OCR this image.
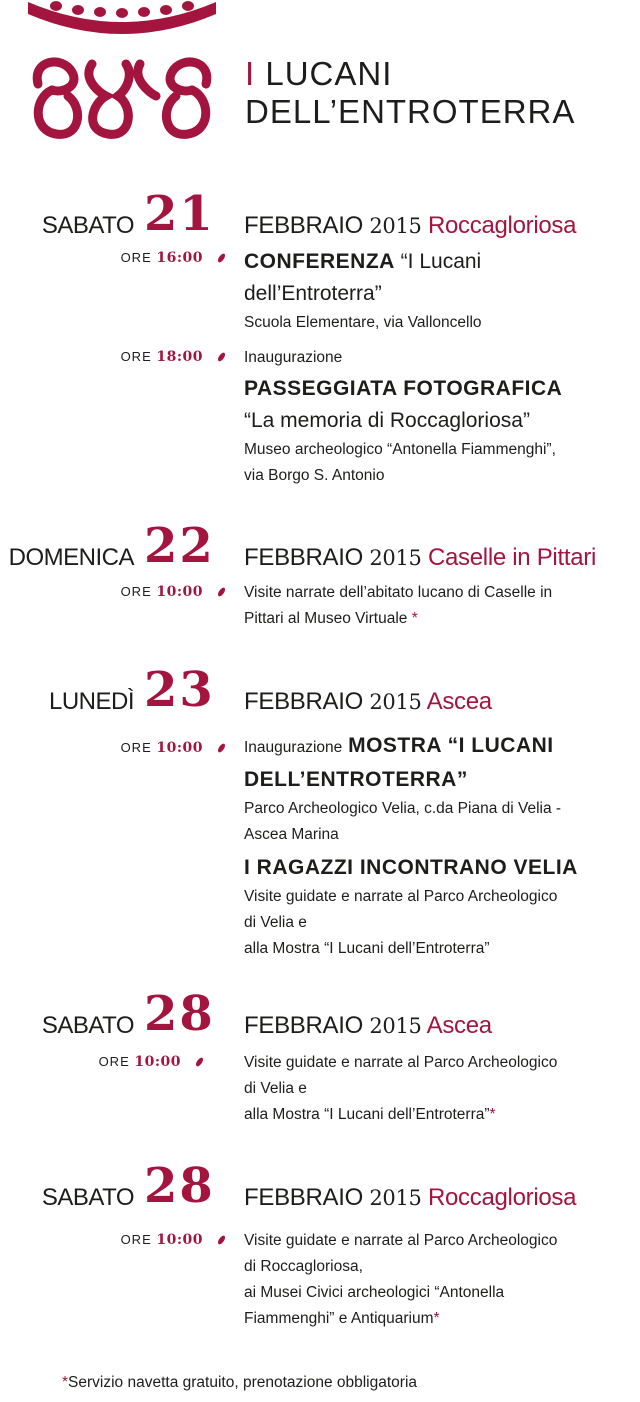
I LUCANI
DELL’ENTROTERRA
SABATO 21 FEBBRAIO 2015 Roccagloriosa
ORE 16:00	CONFERENZA “I Lucani
dell’Entroterra”
Scuola Elementare, via Valloncello
ORE 18:00	Inaugurazione
PASSEGGIATA FOTOGRAFICA
“La memoria di Roccagloriosa”
Museo archeologico “Antonella Fiammenghi”,
via Borgo S. Antonio
DOMENICA 22 FEBBRAIO 2015 Caselle in Pittari
ORE 10:00	Visite narrate dell’abitato lucano di Caselle in
Pittari al Museo Virtuale *
LUNEDÌ 23 FEBBRAIO 2015 Ascea
ORE 10:00	Inaugurazione MOSTRA “I LUCANI
DELL’ENTROTERRA”
Parco Archeologico Velia, c.da Piana di Velia -
Ascea Marina
I RAGAZZI INCONTRANO VELIA
Visite guidate e narrate al Parco Archeologico
di Velia e
alla Mostra “I Lucani dell’Entroterra”
SABATO 28 FEBBRAIO 2015 Ascea
ORE 10:00	Visite guidate e narrate al Parco Archeologico
di Velia e
alla Mostra “I Lucani dell’Entroterra”*
SABATO 28 FEBBRAIO 2015 Roccagloriosa
ORE 10:00	Visite guidate e narrate al Parco Archeologico
di Roccagloriosa,
ai Musei Civici archeologici “Antonella
Fiammenghi” e Antiquarium*
*Servizio navetta gratuito, prenotazione obbligatoria
